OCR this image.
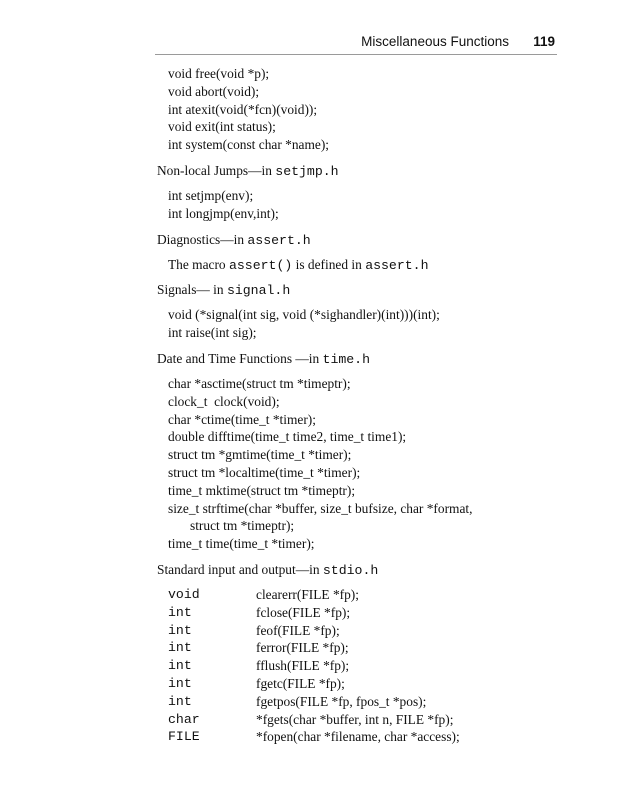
Miscellaneous Functions 119
void free(void *p);
void abort(void);
int atexit(void(*fcn)(void));
void exit(int status);
int system(const char *name);
Non-local Jumps—in setjmp.h
int setjmp(env);
int longjmp(env,int);
Diagnostics—in assert.h
The macro assert() is defined in assert.h
Signals— in signal.h
void (*signal(int sig, void (*sighandler)(int)))(int);
int raise(int sig);
Date and Time Functions —in time.h
char *asctime(struct tm *timeptr);
clock_t  clock(void);
char *ctime(time_t *timer);
double difftime(time_t time2, time_t time1);
struct tm *gmtime(time_t *timer);
struct tm *localtime(time_t *timer);
time_t mktime(struct tm *timeptr);
size_t strftime(char *buffer, size_t bufsize, char *format,
struct tm *timeptr);
time_t time(time_t *timer);
Standard input and output—in stdio.h
void	clearerr(FILE *fp);
int	fclose(FILE *fp);
int	feof(FILE *fp);
int	ferror(FILE *fp);
int	fflush(FILE *fp);
int	fgetc(FILE *fp);
int	fgetpos(FILE *fp, fpos_t *pos);
char	*fgets(char *buffer, int n, FILE *fp);
FILE	*fopen(char *filename, char *access);
